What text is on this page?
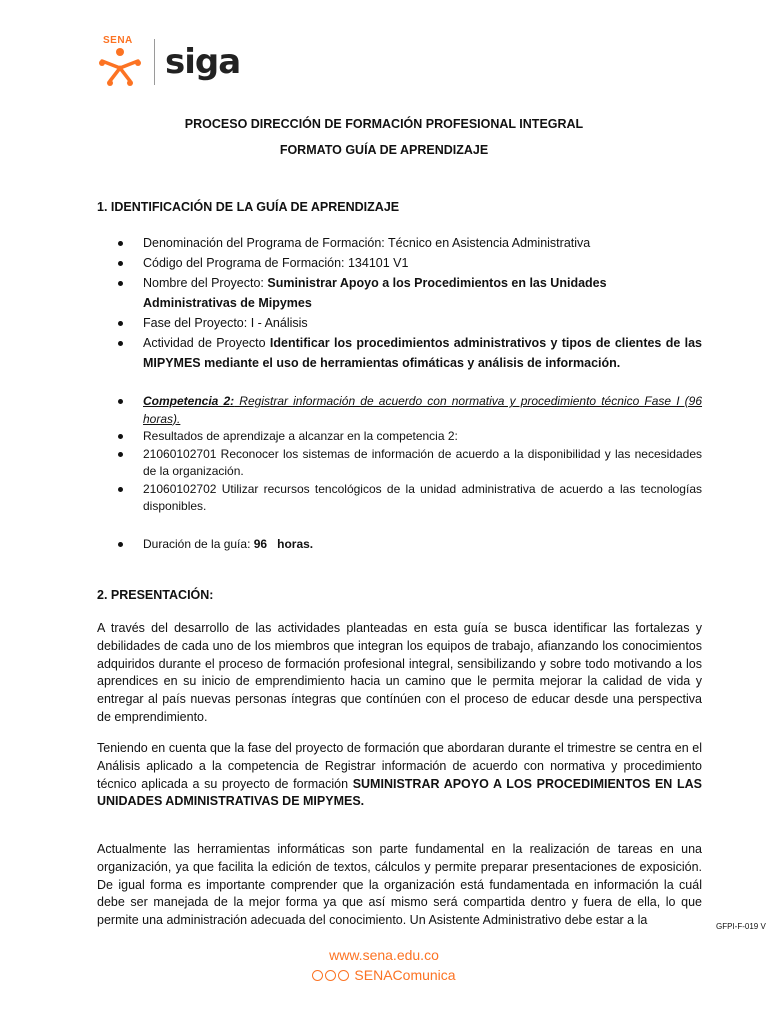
SENA
siga
PROCESO DIRECCIÓN DE FORMACIÓN PROFESIONAL INTEGRAL
FORMATO GUÍA DE APRENDIZAJE
1. IDENTIFICACIÓN DE LA GUÍA DE APRENDIZAJE
Denominación del Programa de Formación: Técnico en Asistencia Administrativa
Código del Programa de Formación: 134101 V1
Nombre del Proyecto: Suministrar Apoyo a los Procedimientos en las Unidades Administrativas de Mipymes
Fase del Proyecto: I - Análisis
Actividad de Proyecto Identificar los procedimientos administrativos y tipos de clientes de las MIPYMES mediante el uso de herramientas ofimáticas y análisis de información.
Competencia 2: Registrar información de acuerdo con normativa y procedimiento técnico Fase I (96 horas).
Resultados de aprendizaje a alcanzar en la competencia 2:
21060102701 Reconocer los sistemas de información de acuerdo a la disponibilidad y las necesidades de la organización.
21060102702 Utilizar recursos tencológicos de la unidad administrativa de acuerdo a las tecnologías disponibles.
Duración de la guía: 96 horas.
2. PRESENTACIÓN:

A través del desarrollo de las actividades planteadas en esta guía se busca identificar las fortalezas y debilidades de cada uno de los miembros que integran los equipos de trabajo, afianzando los conocimientos adquiridos durante el proceso de formación profesional integral, sensibilizando y sobre todo motivando a los aprendices en su inicio de emprendimiento hacia un camino que le permita mejorar la calidad de vida y entregar al país nuevas personas íntegras que contínúen con el proceso de educar desde una perspectiva de emprendimiento.

Teniendo en cuenta que la fase del proyecto de formación que abordaran durante el trimestre se centra en el Análisis aplicado a la competencia de Registrar información de acuerdo con normativa y procedimiento técnico aplicada a su proyecto de formación SUMINISTRAR APOYO A LOS PROCEDIMIENTOS EN LAS UNIDADES ADMINISTRATIVAS DE MIPYMES.

Actualmente las herramientas informáticas son parte fundamental en la realización de tareas en una organización, ya que facilita la edición de textos, cálculos y permite preparar presentaciones de exposición. De igual forma es importante comprender que la organización está fundamentada en información la cuál debe ser manejada de la mejor forma ya que así mismo será compartida dentro y fuera de ella, lo que permite una administración adecuada del conocimiento. Un Asistente Administrativo debe estar a la	GFPI-F-019 V
www.sena.edu.co
SENAComunica
